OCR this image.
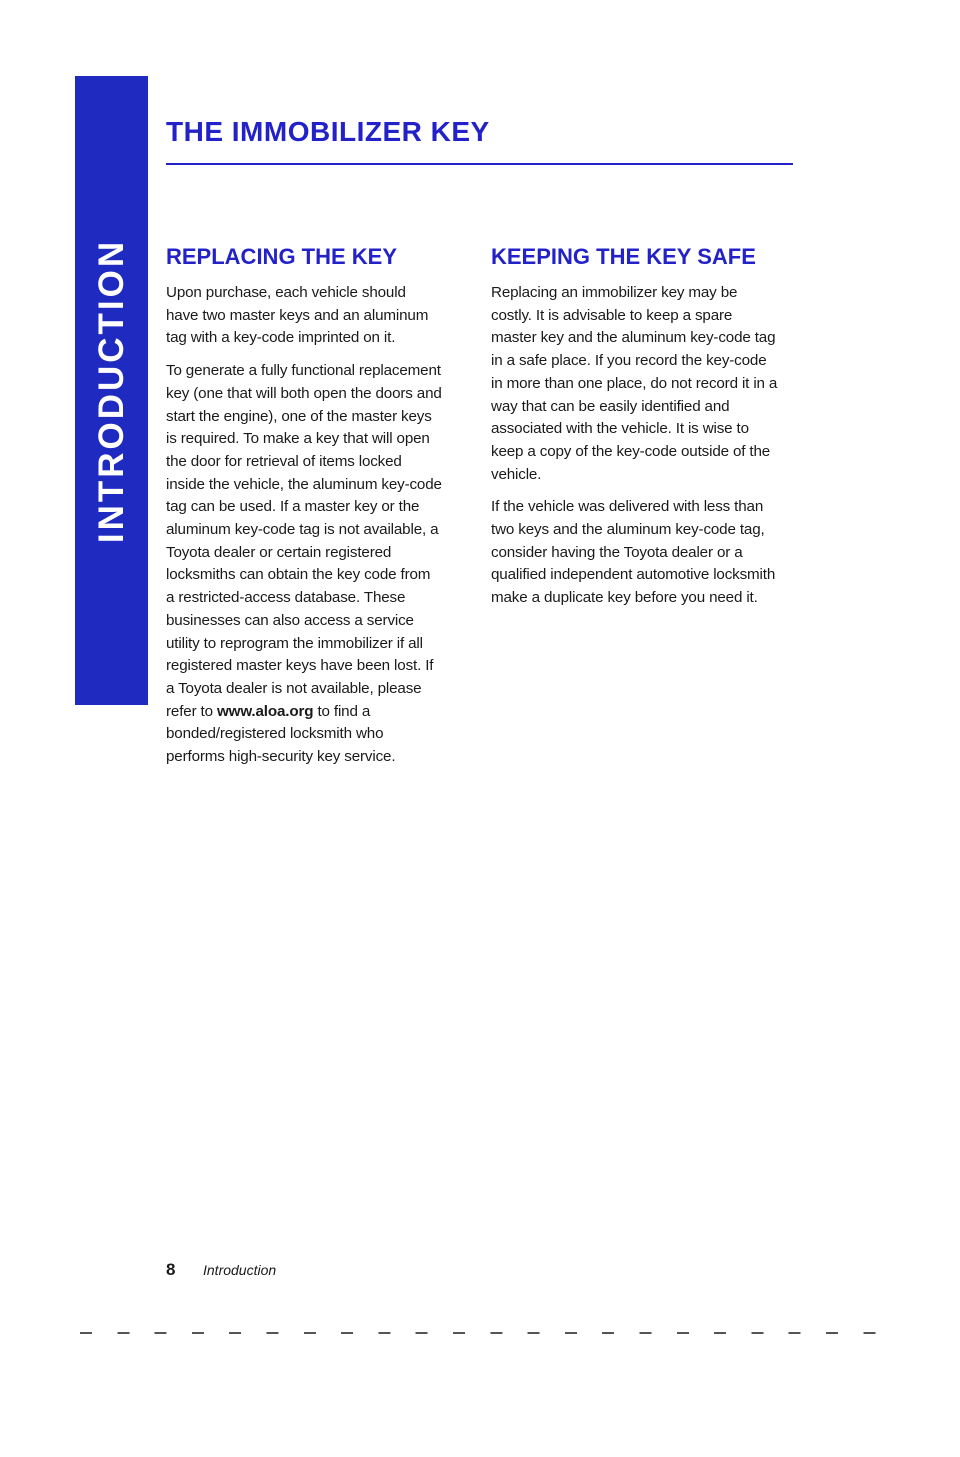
INTRODUCTION
THE IMMOBILIZER KEY
REPLACING THE KEY

Upon purchase, each vehicle should have two master keys and an aluminum tag with a key-code imprinted on it.

To generate a fully functional replacement key (one that will both open the doors and start the engine), one of the master keys is required. To make a key that will open the door for retrieval of items locked inside the vehicle, the aluminum key-code tag can be used. If a master key or the aluminum key-code tag is not available, a Toyota dealer or certain registered locksmiths can obtain the key code from a restricted-access database. These businesses can also access a service utility to reprogram the immobilizer if all registered master keys have been lost. If a Toyota dealer is not available, please refer to www.aloa.org to find a bonded/registered locksmith who performs high-security key service.

KEEPING THE KEY SAFE

Replacing an immobilizer key may be costly. It is advisable to keep a spare master key and the aluminum key-code tag in a safe place. If you record the key-code in more than one place, do not record it in a way that can be easily identified and associated with the vehicle. It is wise to keep a copy of the key-code outside of the vehicle.

If the vehicle was delivered with less than two keys and the aluminum key-code tag, consider having the Toyota dealer or a qualified independent automotive locksmith make a duplicate key before you need it.

8 Introduction
